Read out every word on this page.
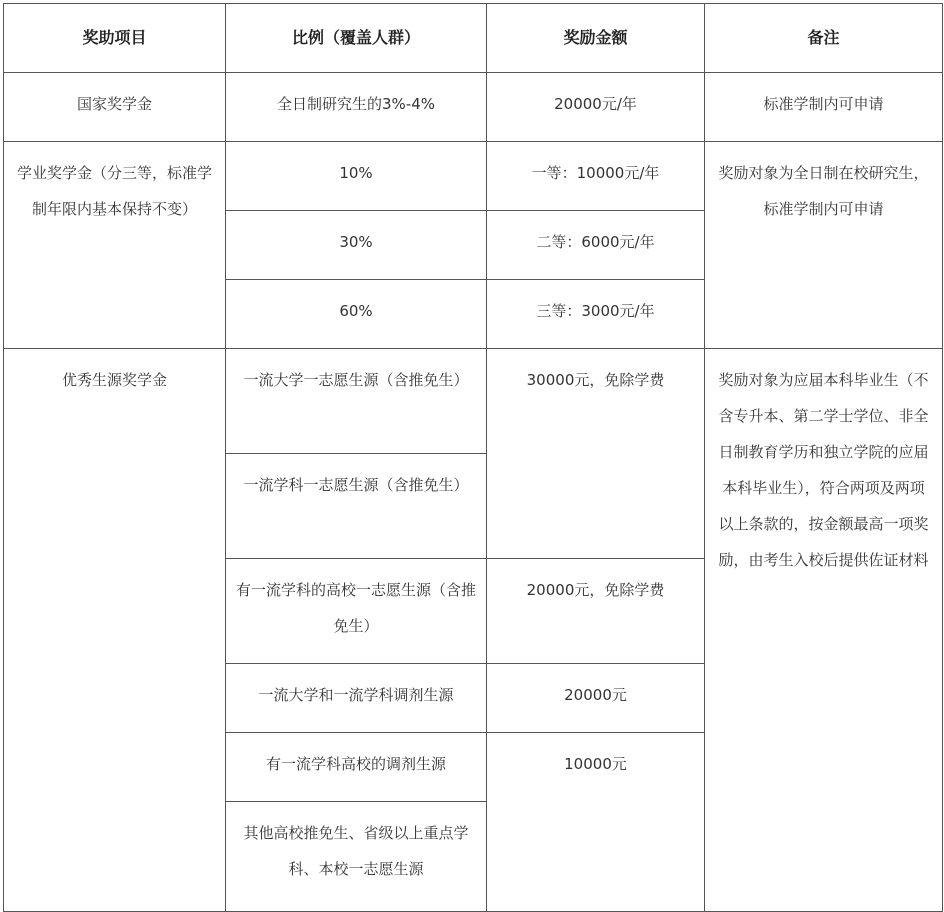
奖助项目	比例（覆盖人群）	奖励金额	备注
国家奖学金	全日制研究生的3%-4%	20000元/年	标准学制内可申请
学业奖学金（分三等，标准学制年限内基本保持不变）	10%	一等：10000元/年	奖励对象为全日制在校研究生，标准学制内可申请
	30%	二等：6000元/年	
	60%	三等：3000元/年	
优秀生源奖学金	一流大学一志愿生源（含推免生）	30000元，免除学费	奖励对象为应届本科毕业生（不含专升本、第二学士学位、非全日制教育学历和独立学院的应届本科毕业生），符合两项及两项以上条款的，按金额最高一项奖励，由考生入校后提供佐证材料
	一流学科一志愿生源（含推免生）		
	有一流学科的高校一志愿生源（含推免生）	20000元，免除学费	
	一流大学和一流学科调剂生源	20000元	
	有一流学科高校的调剂生源	10000元	
	其他高校推免生、省级以上重点学科、本校一志愿生源		
